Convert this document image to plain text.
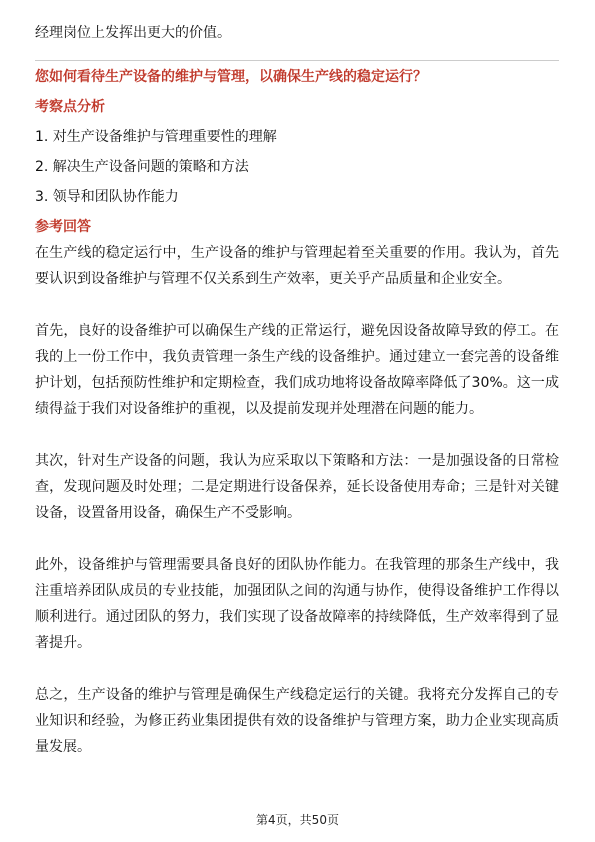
经理岗位上发挥出更大的价值。
您如何看待生产设备的维护与管理，以确保生产线的稳定运行？
考察点分析
1. 对生产设备维护与管理重要性的理解
2. 解决生产设备问题的策略和方法
3. 领导和团队协作能力
参考回答

在生产线的稳定运行中，生产设备的维护与管理起着至关重要的作用。我认为，首先要认识到设备维护与管理不仅关系到生产效率，更关乎产品质量和企业安全。

首先，良好的设备维护可以确保生产线的正常运行，避免因设备故障导致的停工。在我的上一份工作中，我负责管理一条生产线的设备维护。通过建立一套完善的设备维护计划，包括预防性维护和定期检查，我们成功地将设备故障率降低了30%。这一成绩得益于我们对设备维护的重视，以及提前发现并处理潜在问题的能力。

其次，针对生产设备的问题，我认为应采取以下策略和方法：一是加强设备的日常检查，发现问题及时处理；二是定期进行设备保养，延长设备使用寿命；三是针对关键设备，设置备用设备，确保生产不受影响。

此外，设备维护与管理需要具备良好的团队协作能力。在我管理的那条生产线中，我注重培养团队成员的专业技能，加强团队之间的沟通与协作，使得设备维护工作得以顺利进行。通过团队的努力，我们实现了设备故障率的持续降低，生产效率得到了显著提升。

总之，生产设备的维护与管理是确保生产线稳定运行的关键。我将充分发挥自己的专业知识和经验，为修正药业集团提供有效的设备维护与管理方案，助力企业实现高质量发展。

第4页，共50页
